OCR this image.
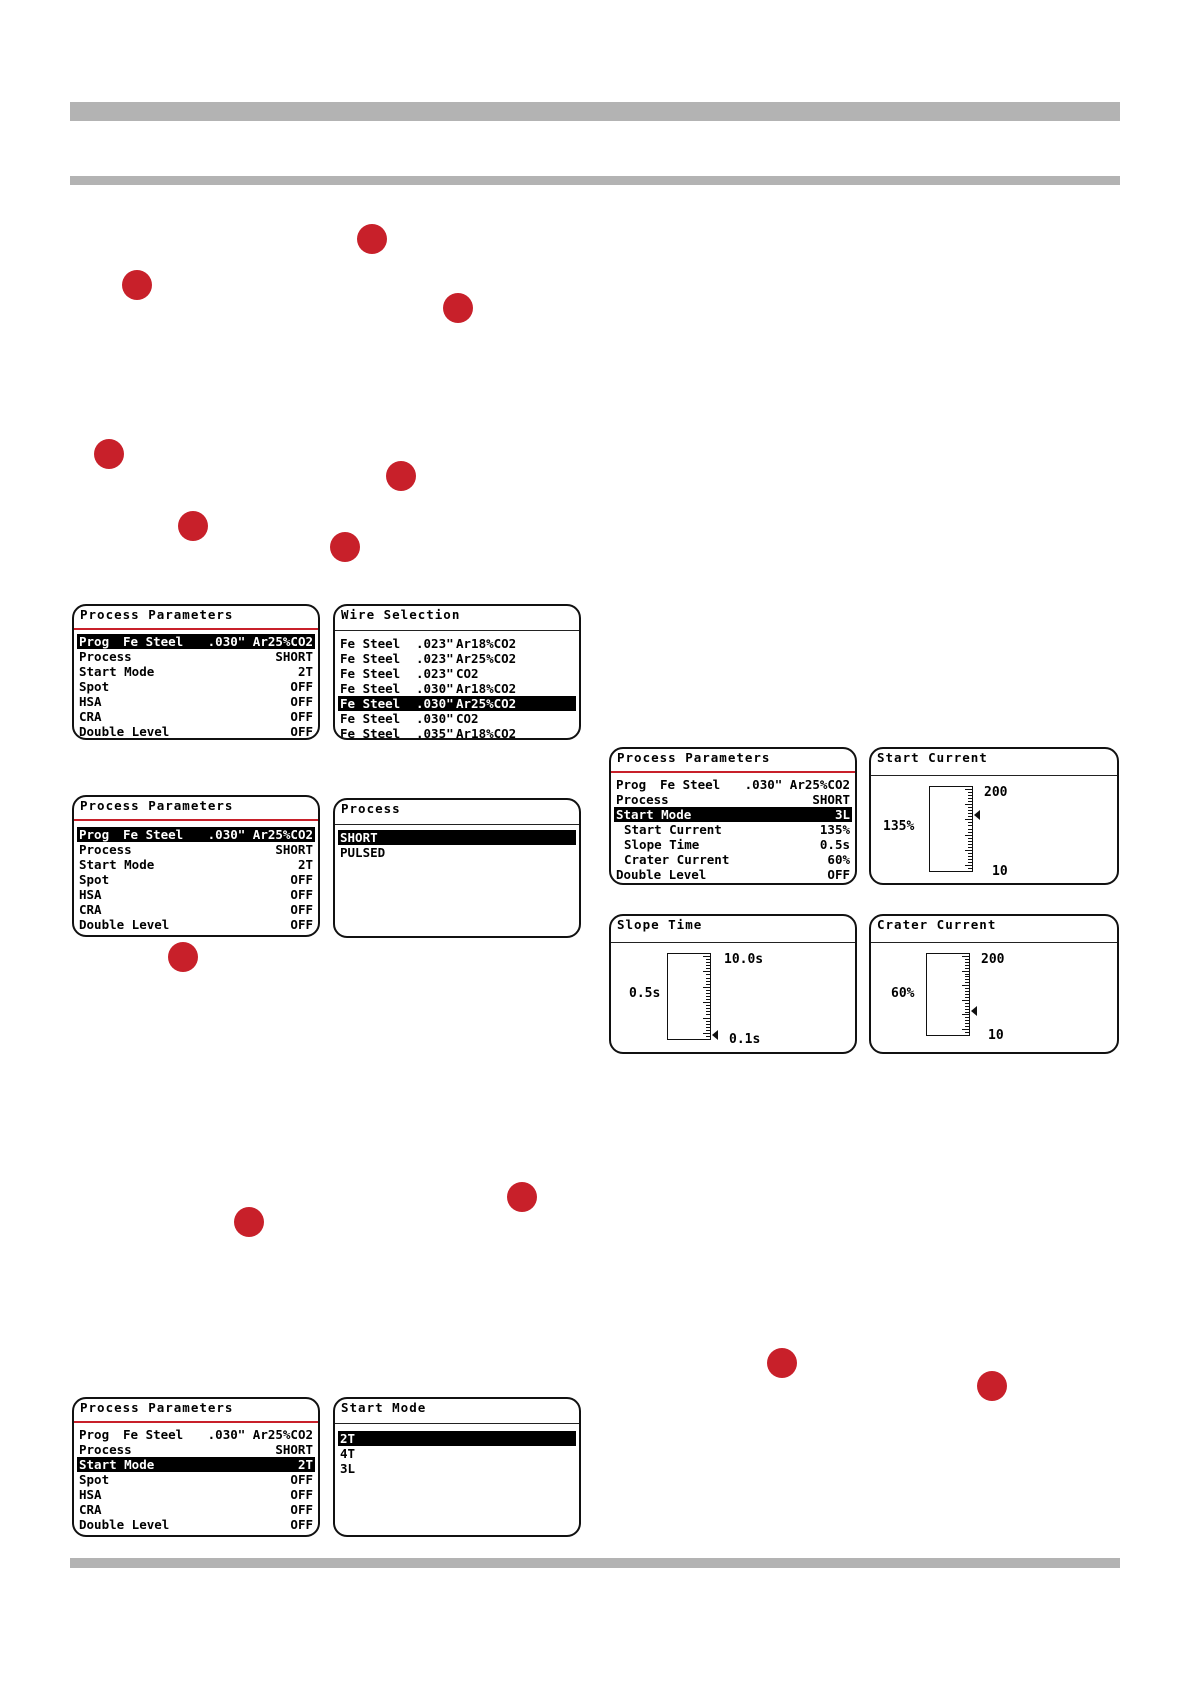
Process Parameters
Prog Fe Steel .030" Ar25%CO2
Process	SHORT
Start Mode	2T
Spot	OFF
HSA	OFF
CRA	OFF
Double Level	OFF
Wire Selection
Fe Steel .023" Ar18%CO2
Fe Steel .023" Ar25%CO2
Fe Steel .023" CO2
Fe Steel .030" Ar18%CO2
Fe Steel .030" Ar25%CO2
Fe Steel .030" CO2
Fe Steel .035" Ar18%CO2
Process Parameters
Prog Fe Steel .030" Ar25%CO2
Process	SHORT
Start Mode	2T
Spot	OFF
HSA	OFF
CRA	OFF
Double Level	OFF
Process
SHORT
PULSED
Process Parameters
Prog Fe Steel .030" Ar25%CO2
Process	SHORT
Start Mode	2T
Spot	OFF
HSA	OFF
CRA	OFF
Double Level	OFF
Start Mode
2T
4T
3L
Process Parameters
Prog Fe Steel .030" Ar25%CO2
Process	SHORT
Start Mode	3L
Start Current	135%
Slope Time	0.5s
Crater Current	60%
Double Level	OFF
Start Current
135%
200
10
Slope Time
0.5s
10.0s
0.1s
Crater Current
60%
200
10
